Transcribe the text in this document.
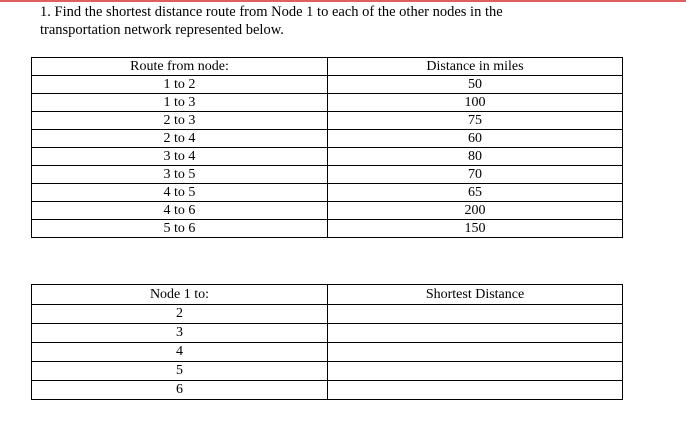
1. Find the shortest distance route from Node 1 to each of the other nodes in the
transportation network represented below.
Route from node:	Distance in miles
1 to 2	50
1 to 3	100
2 to 3	75
2 to 4	60
3 to 4	80
3 to 5	70
4 to 5	65
4 to 6	200
5 to 6	150
Node 1 to:	Shortest Distance
2	
3	
4	
5	
6	
